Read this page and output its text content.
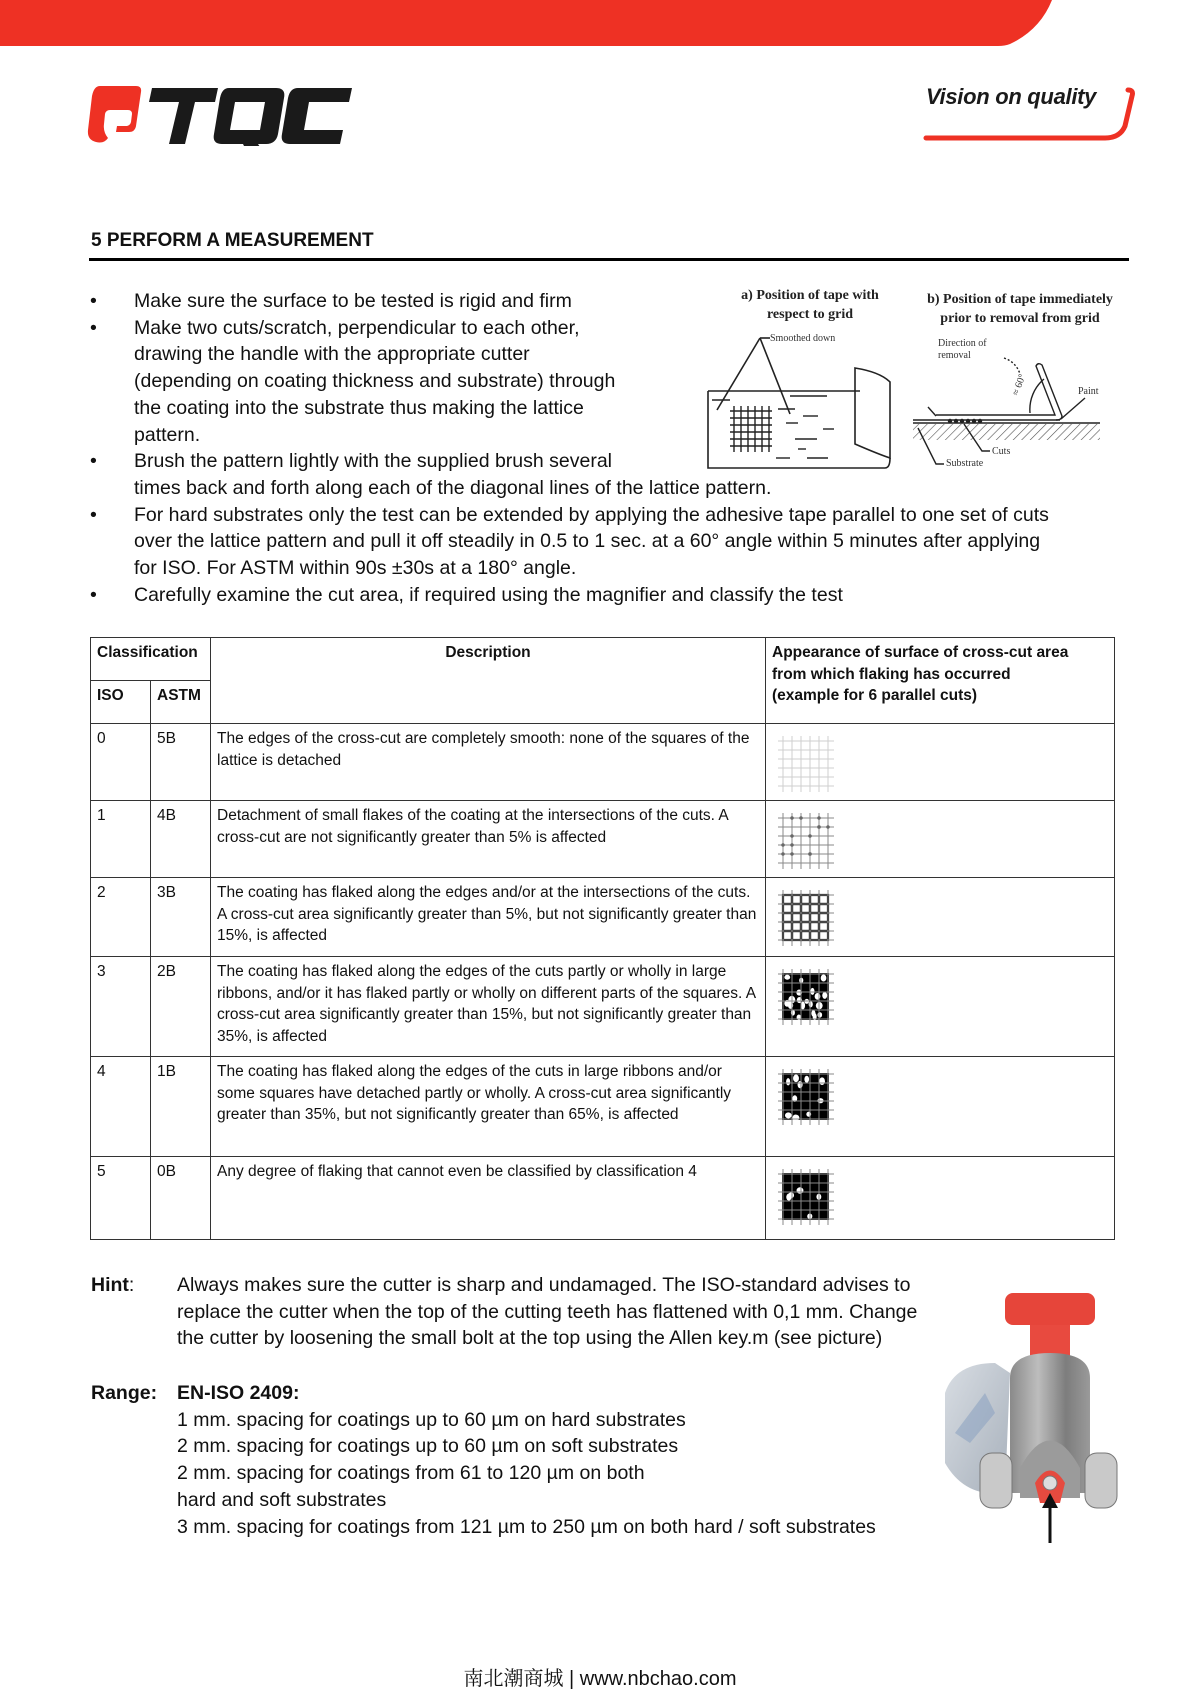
Vision on quality
5 PERFORM A MEASUREMENT
• Make sure the surface to be tested is rigid and firm
• Make two cuts/scratch, perpendicular to each other,
drawing the handle with the appropriate cutter
(depending on coating thickness and substrate) through
the coating into the substrate thus making the lattice
pattern.
• Brush the pattern lightly with the supplied brush several
times back and forth along each of the diagonal lines of the lattice pattern.
• For hard substrates only the test can be extended by applying the adhesive tape parallel to one set of cuts
over the lattice pattern and pull it off steadily in 0.5 to 1 sec. at a 60° angle within 5 minutes after applying
for ISO. For ASTM within 90s ±30s at a 180° angle.
• Carefully examine the cut area, if required using the magnifier and classify the test
a) Position of tape with
respect to grid
b) Position of tape immediately
prior to removal from grid
Smoothed down	Direction of
removal
≈ 60°	Paint
Cuts
Substrate
Classification		Description	Appearance of surface of cross-cut area
from which flaking has occurred
(example for 6 parallel cuts)

ISO	ASTM		
0	5B	The edges of the cross-cut are completely smooth: none of the squares of the lattice is detached	

1	4B	Detachment of small flakes of the coating at the intersections of the cuts. A cross-cut are not significantly greater than 5% is affected	

2	3B	The coating has flaked along the edges and/or at the intersections of the cuts. A cross-cut area significantly greater than 5%, but not significantly greater than 15%, is affected	

3	2B	The coating has flaked along the edges of the cuts partly or wholly in large ribbons, and/or it has flaked partly or wholly on different parts of the squares. A cross-cut area significantly greater than 15%, but not significantly greater than 35%, is affected	

4	1B	The coating has flaked along the edges of the cuts in large ribbons and/or some squares have detached partly or wholly. A cross-cut area significantly greater than 35%, but not significantly greater than 65%, is affected	

5	0B	Any degree of flaking that cannot even be classified by classification 4	
Hint: Always makes sure the cutter is sharp and undamaged. The ISO-standard advises to
replace the cutter when the top of the cutting teeth has flattened with 0,1 mm. Change
the cutter by loosening the small bolt at the top using the Allen key.m (see picture)
Range: EN-ISO 2409:
1 mm. spacing for coatings up to 60 µm on hard substrates
2 mm. spacing for coatings up to 60 µm on soft substrates
2 mm. spacing for coatings from 61 to 120 µm on both
hard and soft substrates
3 mm. spacing for coatings from 121 µm to 250 µm on both hard / soft substrates
南北潮商城 | www.nbchao.com
